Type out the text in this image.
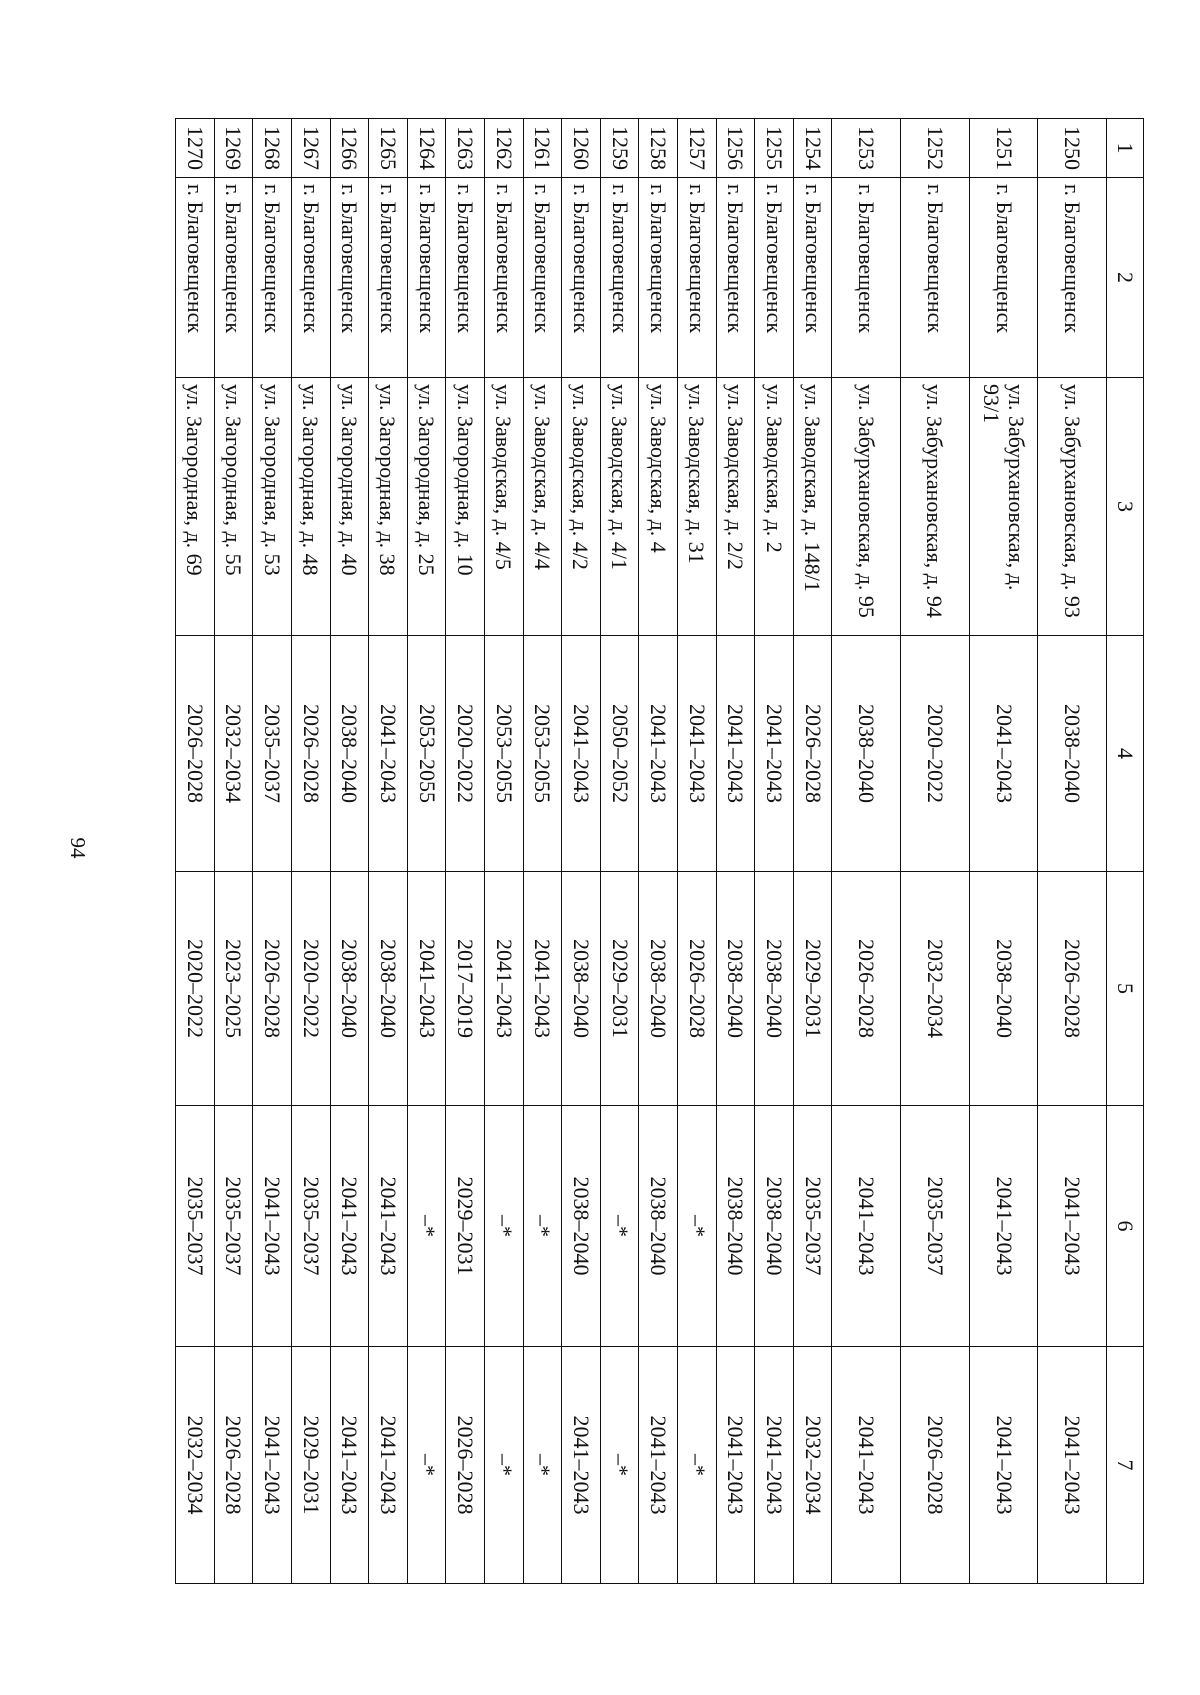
94
1	2	3	4	5	6	7
1250	г. Благовещенск	ул. Забурхановская, д. 93	2038–2040	2026–2028	2041–2043	2041–2043
1251	г. Благовещенск	ул. Забурхановская, д. 93/1	2041–2043	2038–2040	2041–2043	2041–2043
1252	г. Благовещенск	ул. Забурхановская, д. 94	2020–2022	2032–2034	2035–2037	2026–2028
1253	г. Благовещенск	ул. Забурхановская, д. 95	2038–2040	2026–2028	2041–2043	2041–2043
1254	г. Благовещенск	ул. Заводская, д. 148/1	2026–2028	2029–2031	2035–2037	2032–2034
1255	г. Благовещенск	ул. Заводская, д. 2	2041–2043	2038–2040	2038–2040	2041–2043
1256	г. Благовещенск	ул. Заводская, д. 2/2	2041–2043	2038–2040	2038–2040	2041–2043
1257	г. Благовещенск	ул. Заводская, д. 31	2041–2043	2026–2028	–*	–*
1258	г. Благовещенск	ул. Заводская, д. 4	2041–2043	2038–2040	2038–2040	2041–2043
1259	г. Благовещенск	ул. Заводская, д. 4/1	2050–2052	2029–2031	–*	–*
1260	г. Благовещенск	ул. Заводская, д. 4/2	2041–2043	2038–2040	2038–2040	2041–2043
1261	г. Благовещенск	ул. Заводская, д. 4/4	2053–2055	2041–2043	–*	–*
1262	г. Благовещенск	ул. Заводская, д. 4/5	2053–2055	2041–2043	–*	–*
1263	г. Благовещенск	ул. Загородная, д. 10	2020–2022	2017–2019	2029–2031	2026–2028
1264	г. Благовещенск	ул. Загородная, д. 25	2053–2055	2041–2043	–*	–*
1265	г. Благовещенск	ул. Загородная, д. 38	2041–2043	2038–2040	2041–2043	2041–2043
1266	г. Благовещенск	ул. Загородная, д. 40	2038–2040	2038–2040	2041–2043	2041–2043
1267	г. Благовещенск	ул. Загородная, д. 48	2026–2028	2020–2022	2035–2037	2029–2031
1268	г. Благовещенск	ул. Загородная, д. 53	2035–2037	2026–2028	2041–2043	2041–2043
1269	г. Благовещенск	ул. Загородная, д. 55	2032–2034	2023–2025	2035–2037	2026–2028
1270	г. Благовещенск	ул. Загородная, д. 69	2026–2028	2020–2022	2035–2037	2032–2034
